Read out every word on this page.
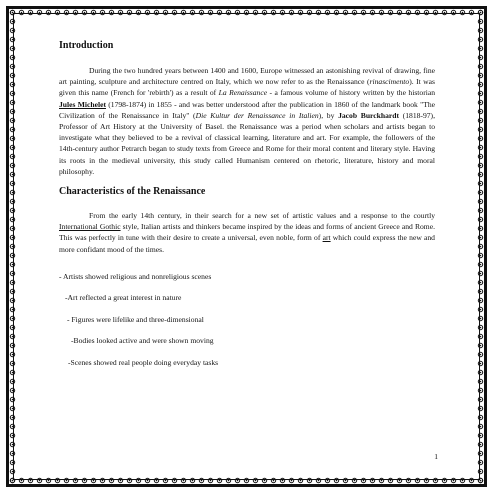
Introduction

During the two hundred years between 1400 and 1600, Europe witnessed an astonishing revival of drawing, fine art painting, sculpture and architecture centred on Italy, which we now refer to as the Renaissance (rinascimento). It was given this name (French for 'rebirth') as a result of La Renaissance - a famous volume of history written by the historian Jules Michelet (1798-1874) in 1855 - and was better understood after the publication in 1860 of the landmark book "The Civilization of the Renaissance in Italy" (Die Kultur der Renaissance in Italien), by Jacob Burckhardt (1818-97), Professor of Art History at the University of Basel. the Renaissance was a period when scholars and artists began to investigate what they believed to be a revival of classical learning, literature and art. For example, the followers of the 14th-century author Petrarch began to study texts from Greece and Rome for their moral content and literary style. Having its roots in the medieval university, this study called Humanism centered on rhetoric, literature, history and moral philosophy.

Characteristics of the Renaissance

From the early 14th century, in their search for a new set of artistic values and a response to the courtly International Gothic style, Italian artists and thinkers became inspired by the ideas and forms of ancient Greece and Rome. This was perfectly in tune with their desire to create a universal, even noble, form of art which could express the new and more confidant mood of the times.

- Artists showed religious and nonreligious scenes
-Art reflected a great interest in nature
- Figures were lifelike and three-dimensional
-Bodies looked active and were shown moving
-Scenes showed real people doing everyday tasks
1
